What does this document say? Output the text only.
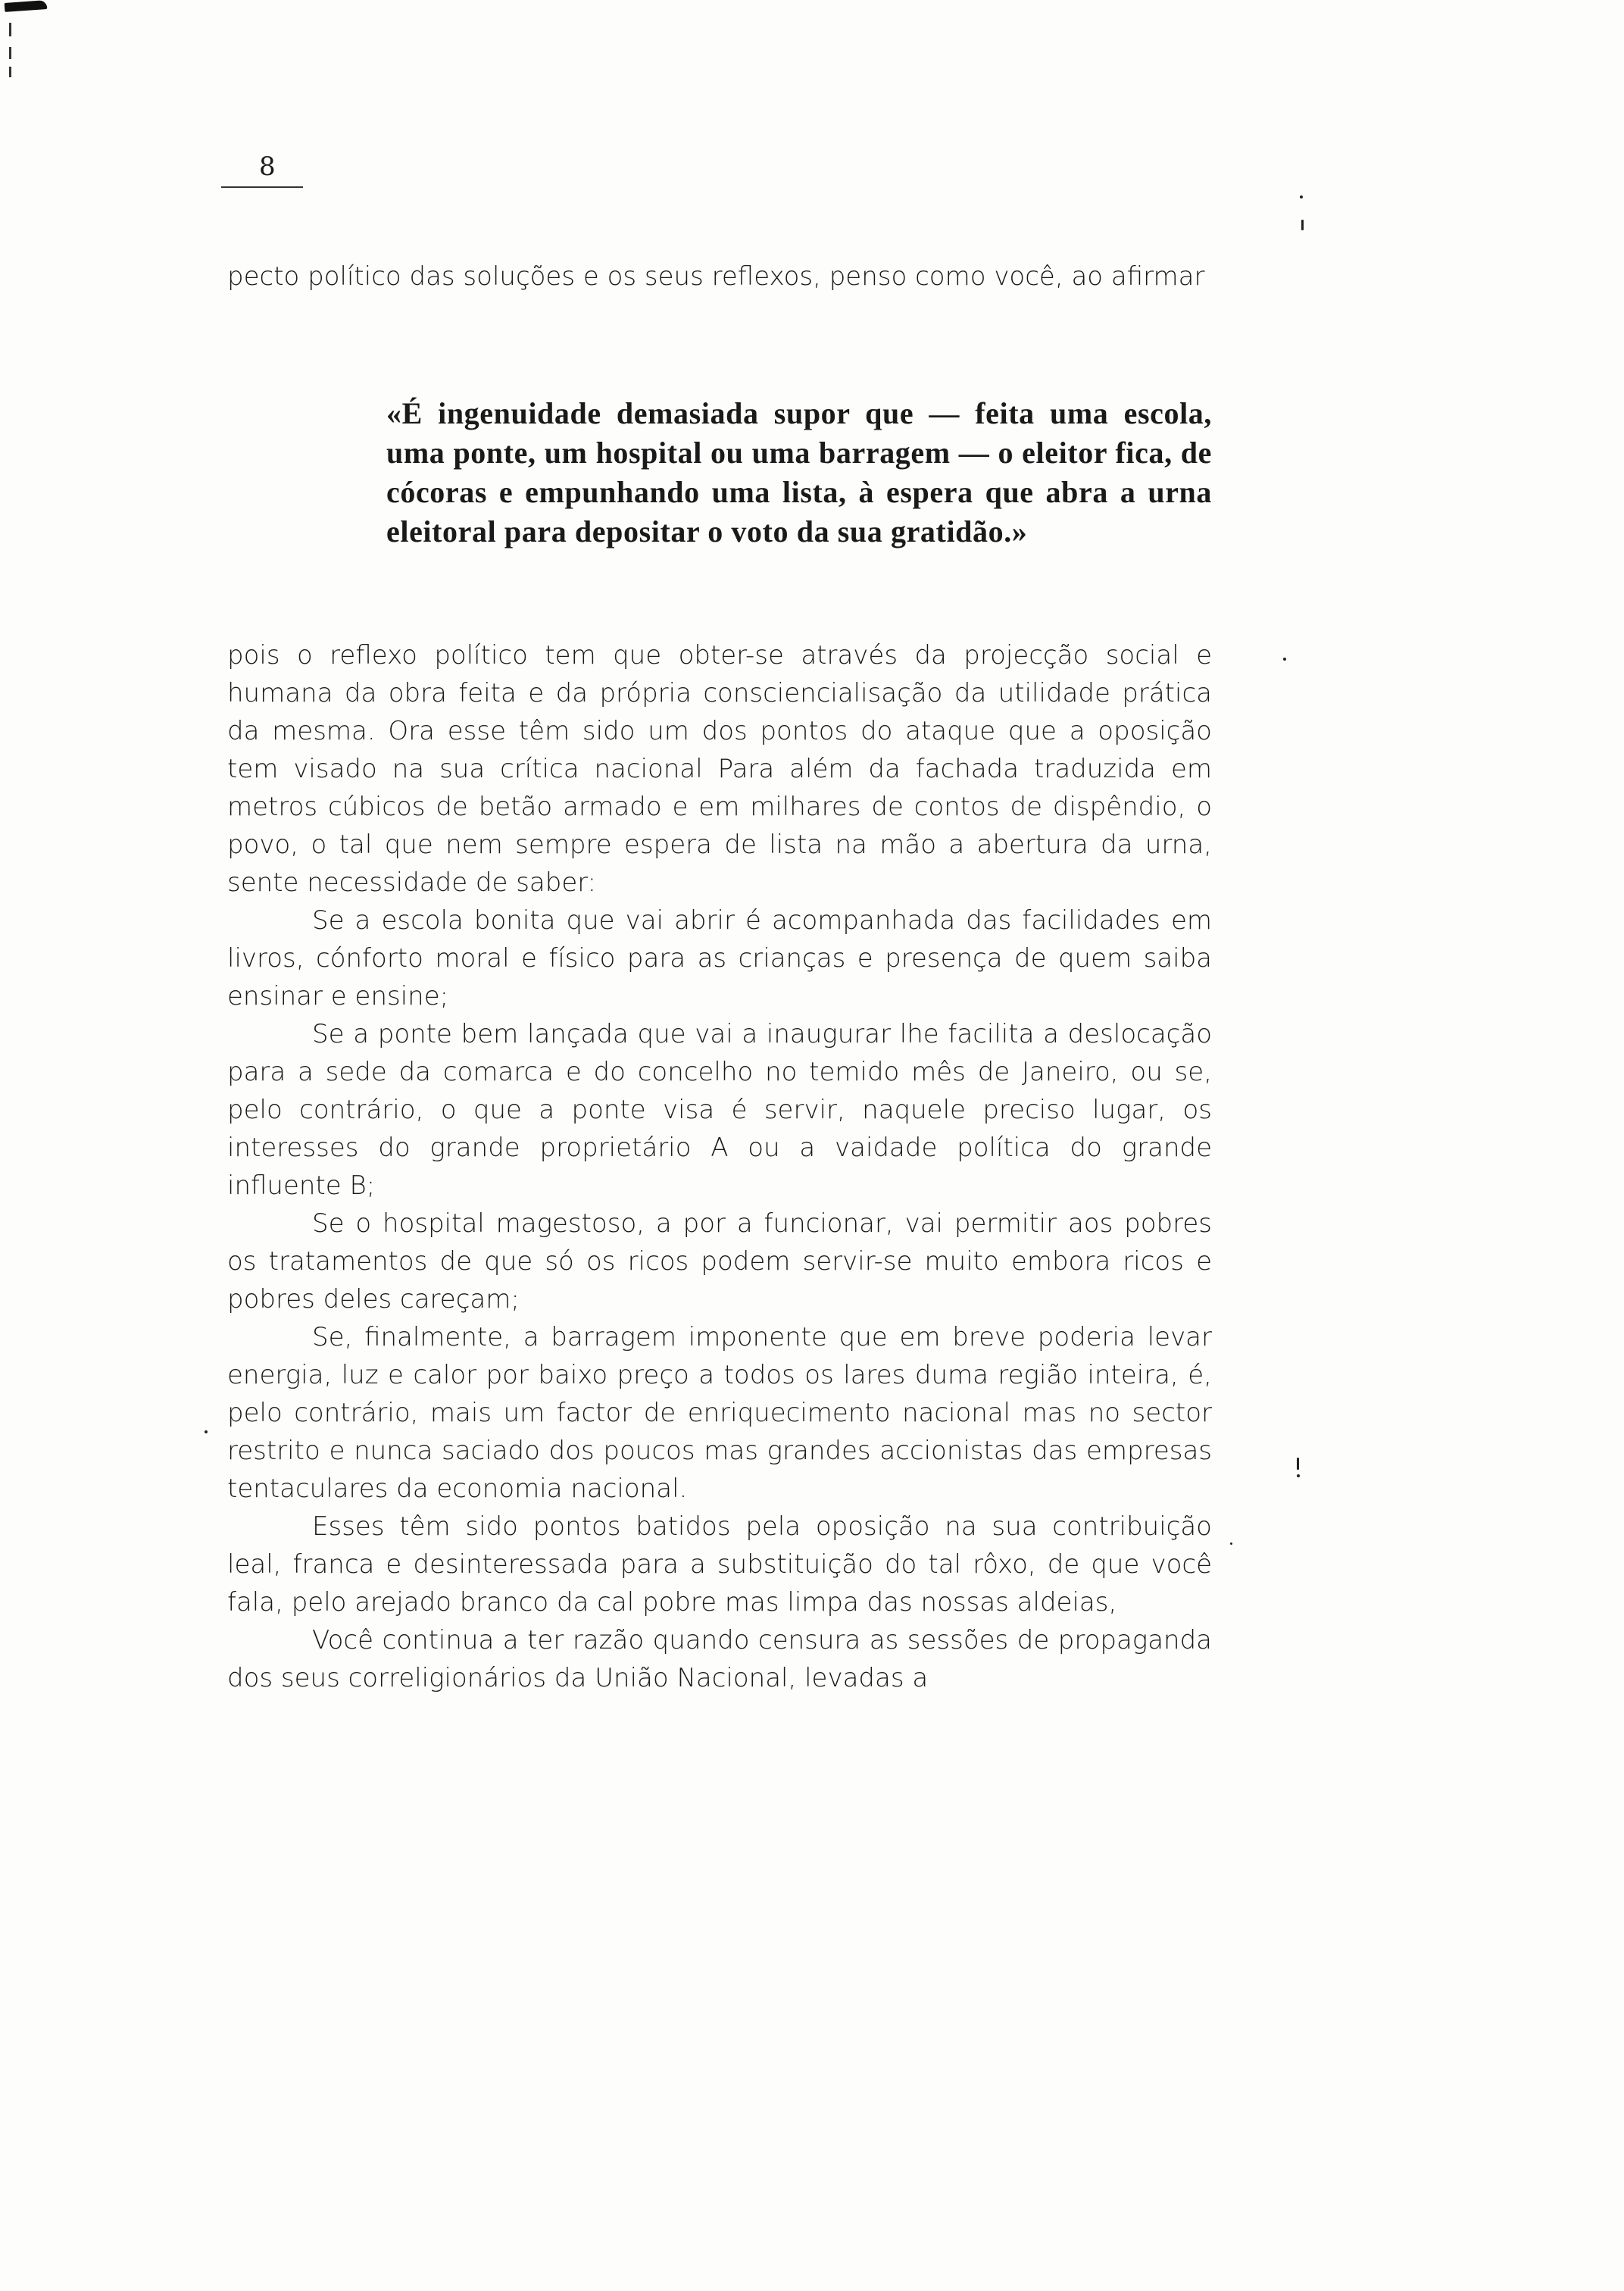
8

pecto político das soluções e os seus reflexos, penso como você, ao afirmar

«É ingenuidade demasiada supor que — feita uma escola, uma ponte, um hospital ou uma barragem — o eleitor fica, de cócoras e empunhando uma lista, à espera que abra a urna eleitoral para depositar o voto da sua gratidão.»

pois o reflexo político tem que obter-se através da projecção social e humana da obra feita e da própria consciencialisação da utilidade prática da mesma. Ora esse têm sido um dos pontos do ataque que a oposição tem visado na sua crítica nacional Para além da fachada traduzida em metros cúbicos de betão armado e em milhares de contos de dispêndio, o povo, o tal que nem sempre espera de lista na mão a abertura da urna, sente necessidade de saber:

Se a escola bonita que vai abrir é acompanhada das facilidades em livros, cónforto moral e físico para as crianças e presença de quem saiba ensinar e ensine;

Se a ponte bem lançada que vai a inaugurar lhe facilita a deslocação para a sede da comarca e do concelho no temido mês de Janeiro, ou se, pelo contrário, o que a ponte visa é servir, naquele preciso lugar, os interesses do grande proprietário A ou a vaidade política do grande influente B;

Se o hospital magestoso, a por a funcionar, vai permitir aos pobres os tratamentos de que só os ricos podem servir-se muito embora ricos e pobres deles careçam;

Se, finalmente, a barragem imponente que em breve poderia levar energia, luz e calor por baixo preço a todos os lares duma região inteira, é, pelo contrário, mais um factor de enriquecimento nacional mas no sector restrito e nunca saciado dos poucos mas grandes accionistas das empresas tentaculares da economia nacional.

Esses têm sido pontos batidos pela oposição na sua contribuição leal, franca e desinteressada para a substituição do tal rôxo, de que você fala, pelo arejado branco da cal pobre mas limpa das nossas aldeias,

Você continua a ter razão quando censura as sessões de propaganda dos seus correligionários da União Nacional, levadas a
